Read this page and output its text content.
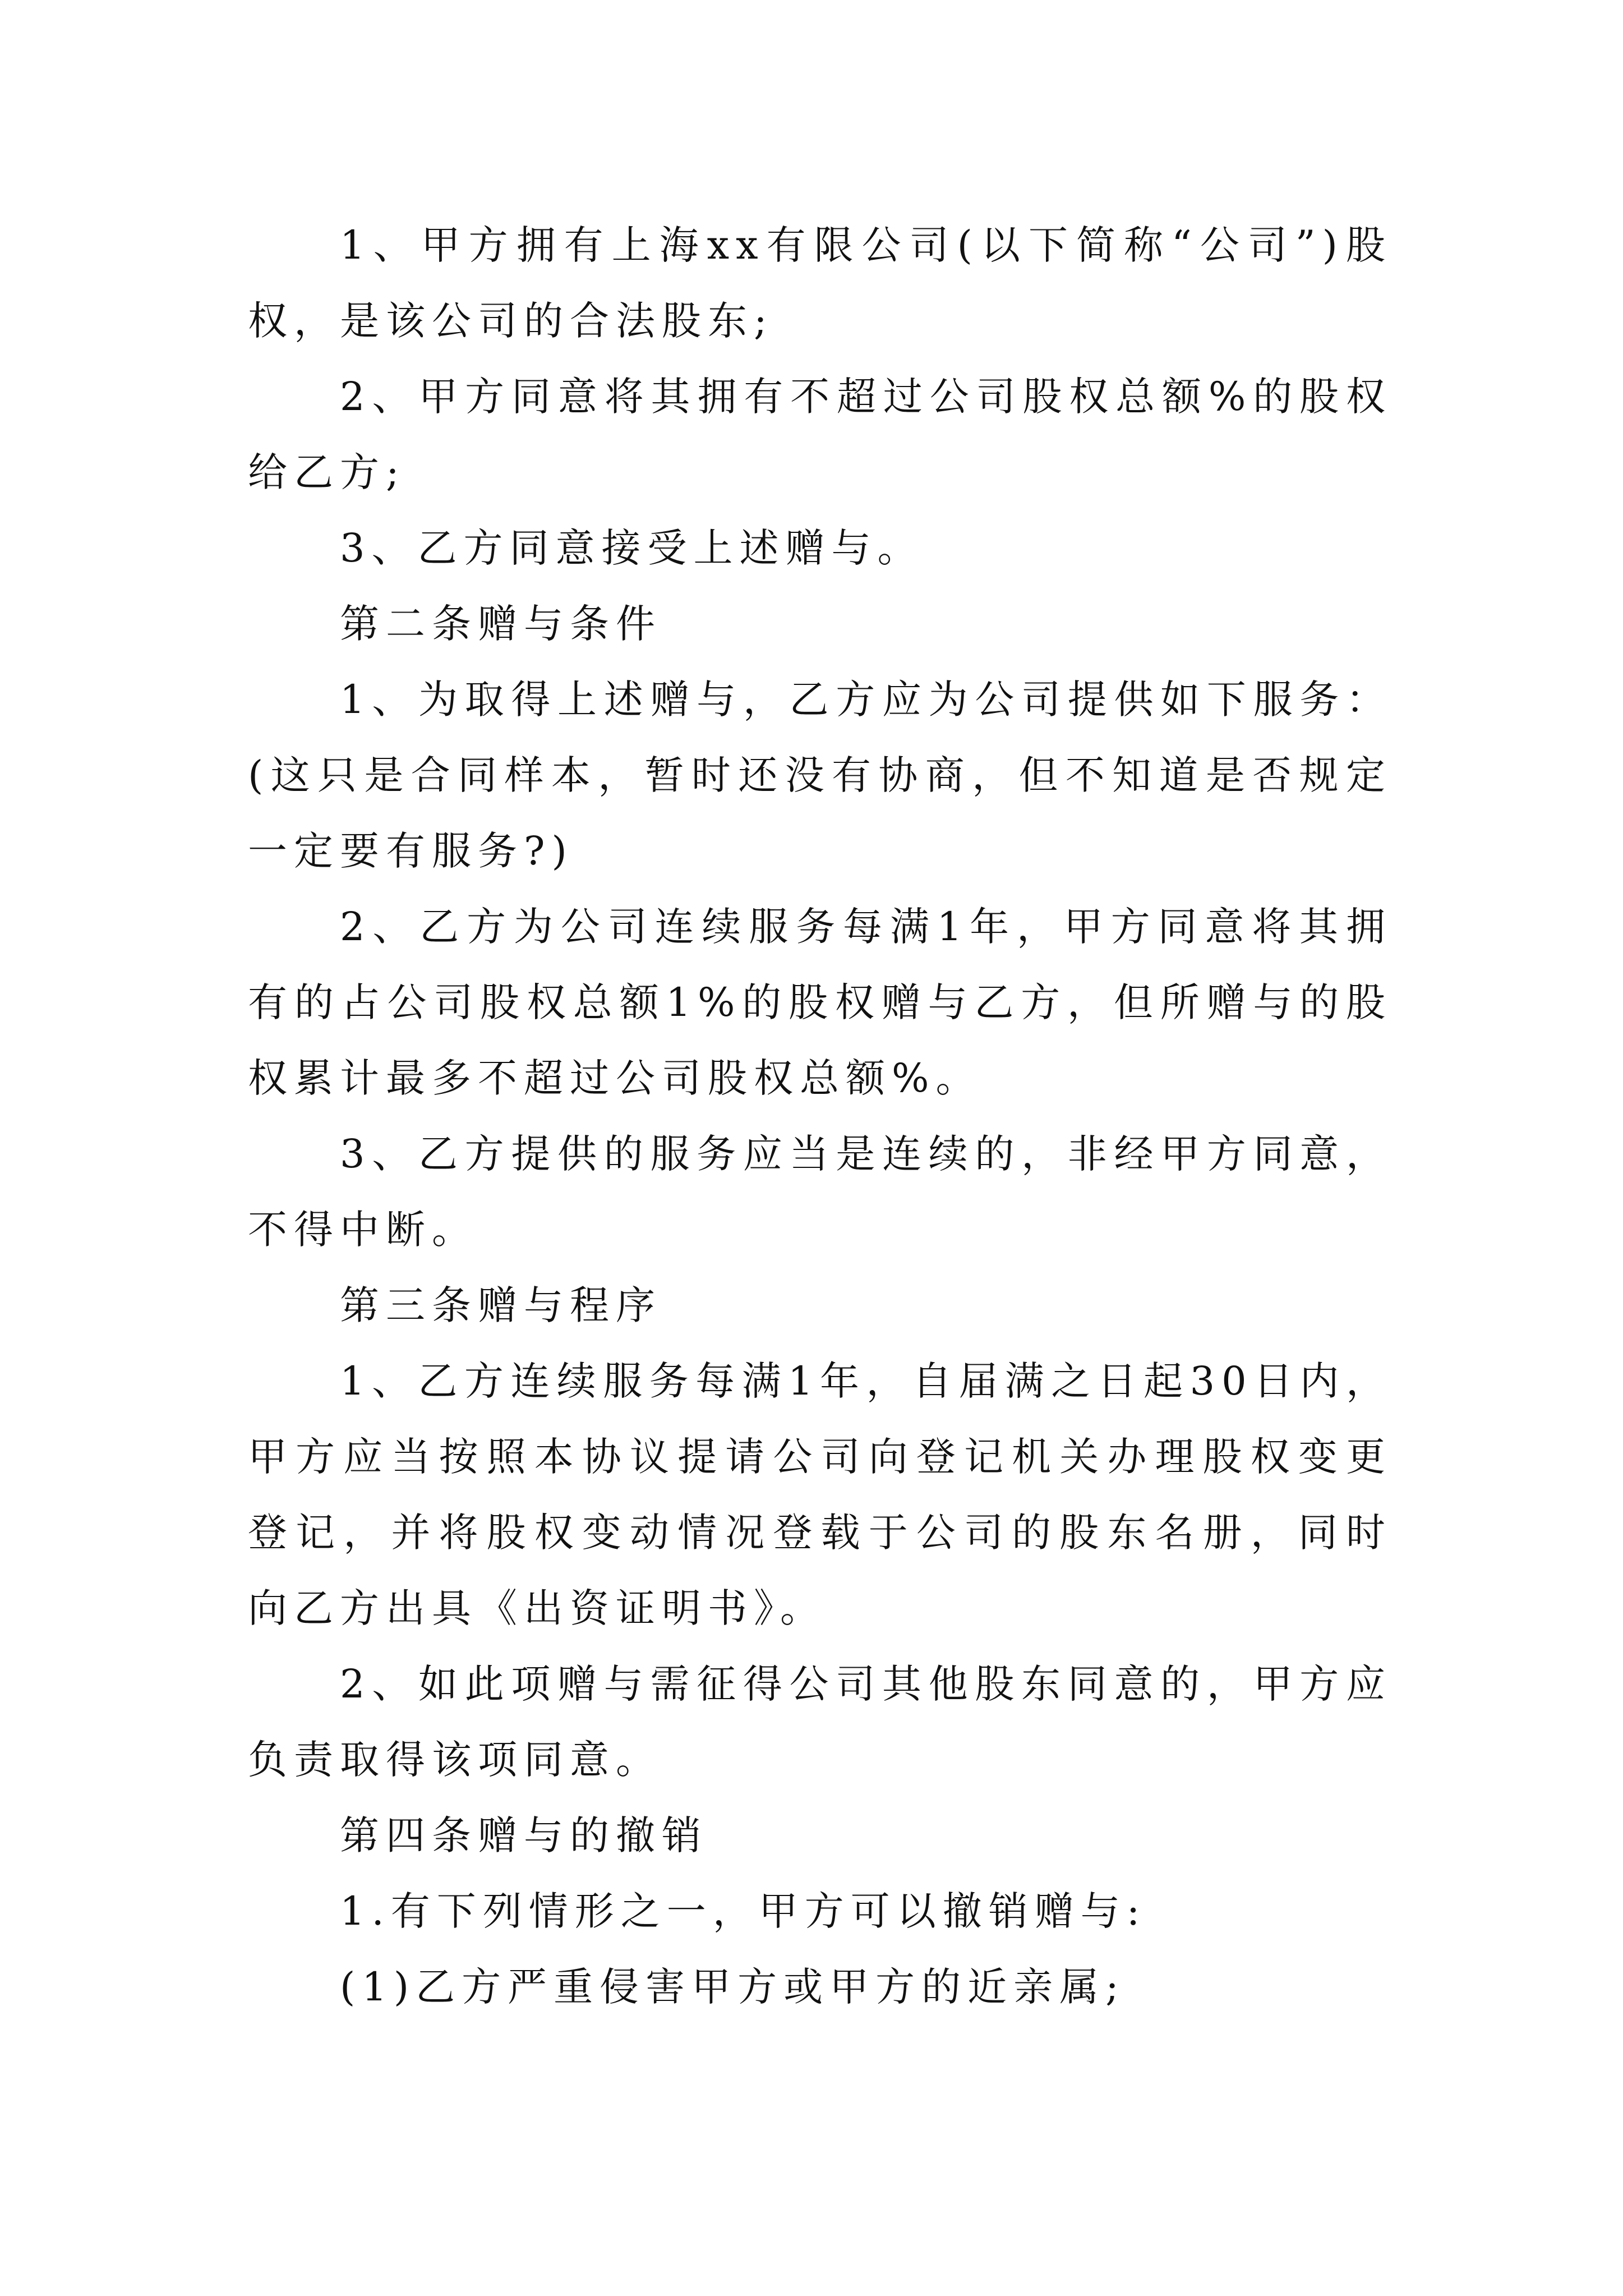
1、甲方拥有上海xx有限公司(以下简称“公司”)股权，是该公司的合法股东;

2、甲方同意将其拥有不超过公司股权总额%的股权给乙方;

3、乙方同意接受上述赠与。

第二条赠与条件

1、为取得上述赠与，乙方应为公司提供如下服务：(这只是合同样本，暂时还没有协商，但不知道是否规定一定要有服务?)

2、乙方为公司连续服务每满1年，甲方同意将其拥有的占公司股权总额1%的股权赠与乙方，但所赠与的股权累计最多不超过公司股权总额%。

3、乙方提供的服务应当是连续的，非经甲方同意，不得中断。

第三条赠与程序

1、乙方连续服务每满1年，自届满之日起30日内，甲方应当按照本协议提请公司向登记机关办理股权变更登记，并将股权变动情况登载于公司的股东名册，同时向乙方出具《出资证明书》。

2、如此项赠与需征得公司其他股东同意的，甲方应负责取得该项同意。

第四条赠与的撤销

1.有下列情形之一，甲方可以撤销赠与:

(1)乙方严重侵害甲方或甲方的近亲属;
